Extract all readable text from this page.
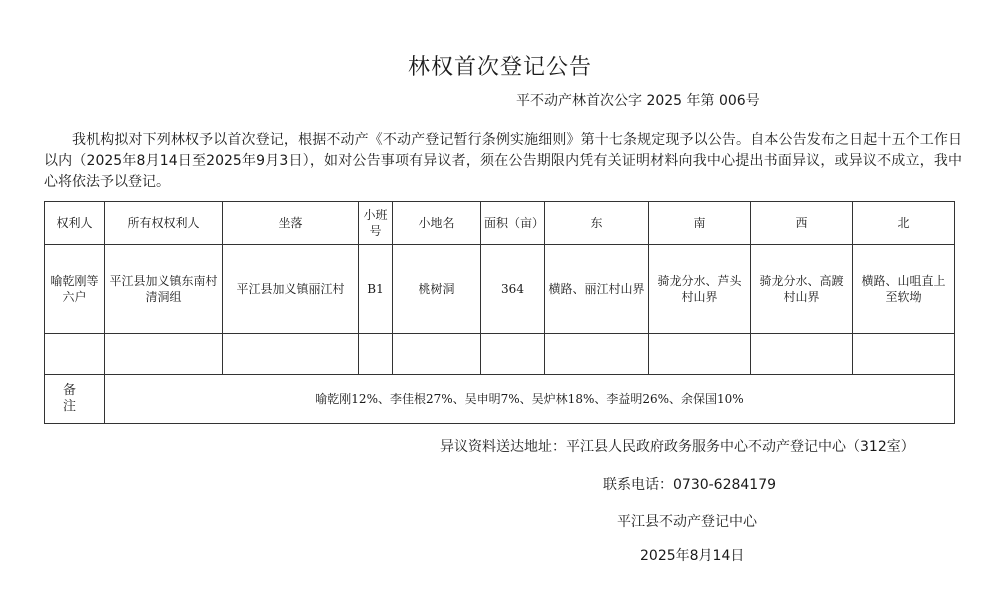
林权首次登记公告
平不动产林首次公字 2025 年第 006号
我机构拟对下列林权予以首次登记，根据不动产《不动产登记暂行条例实施细则》第十七条规定现予以公告。自本公告发布之日起十五个工作日以内（2025年8月14日至2025年9月3日），如对公告事项有异议者，须在公告期限内凭有关证明材料向我中心提出书面异议，或异议不成立，我中心将依法予以登记。
权利人	所有权权利人	坐落	小班号	小地名	面积（亩）	东	南	西	北
喻乾刚等六户	平江县加义镇东南村清洞组	平江县加义镇丽江村	B1	桃树洞	364	横路、丽江村山界	骑龙分水、芦头村山界	骑龙分水、高踱村山界	横路、山咀直上至软坳

备 注	喻乾刚12%、李佳根27%、吴申明7%、吴炉林18%、李益明26%、余保国10%								
异议资料送达地址：平江县人民政府政务服务中心不动产登记中心（312室）
联系电话：0730-6284179
平江县不动产登记中心
2025年8月14日
